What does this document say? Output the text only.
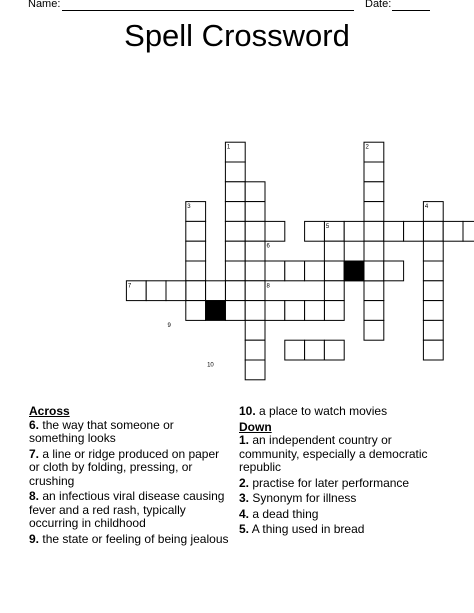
Name:	Date:
Spell Crossword
1	2
3	4
5
6
7	8
9
10
Across
6. the way that someone or something looks
7. a line or ridge produced on paper or cloth by folding, pressing, or crushing
8. an infectious viral disease causing fever and a red rash, typically occurring in childhood
9. the state or feeling of being jealous
10. a place to watch movies
Down
1. an independent country or community, especially a democratic republic
2. practise for later performance
3. Synonym for illness
4. a dead thing
5. A thing used in bread
